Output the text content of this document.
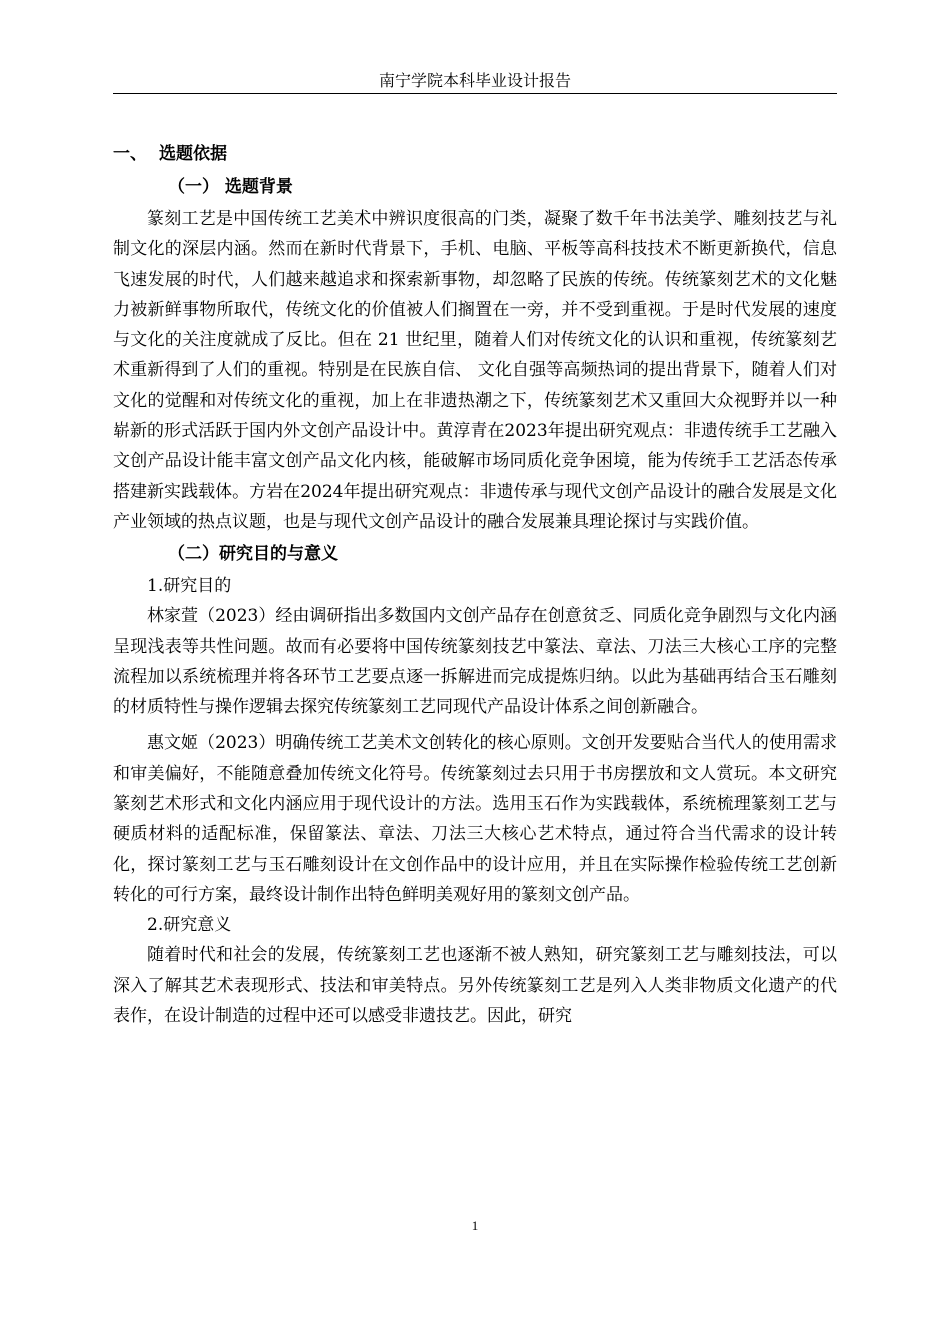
南宁学院本科毕业设计报告
一、 选题依据
（一） 选题背景

篆刻工艺是中国传统工艺美术中辨识度很高的门类，凝聚了数千年书法美学、雕刻技艺与礼制文化的深层内涵。然而在新时代背景下，手机、电脑、平板等高科技技术不断更新换代，信息飞速发展的时代，人们越来越追求和探索新事物，却忽略了民族的传统。传统篆刻艺术的文化魅力被新鲜事物所取代，传统文化的价值被人们搁置在一旁，并不受到重视。于是时代发展的速度与文化的关注度就成了反比。但在 21 世纪里，随着人们对传统文化的认识和重视，传统篆刻艺术重新得到了人们的重视。特别是在民族自信、 文化自强等高频热词的提出背景下，随着人们对文化的觉醒和对传统文化的重视，加上在非遗热潮之下，传统篆刻艺术又重回大众视野并以一种崭新的形式活跃于国内外文创产品设计中。黄淳青在2023年提出研究观点：非遗传统手工艺融入文创产品设计能丰富文创产品文化内核，能破解市场同质化竞争困境，能为传统手工艺活态传承搭建新实践载体。方岩在2024年提出研究观点：非遗传承与现代文创产品设计的融合发展是文化产业领域的热点议题，也是与现代文创产品设计的融合发展兼具理论探讨与实践价值。

（二）研究目的与意义
1.研究目的

林家萱（2023）经由调研指出多数国内文创产品存在创意贫乏、同质化竞争剧烈与文化内涵呈现浅表等共性问题。故而有必要将中国传统篆刻技艺中篆法、章法、刀法三大核心工序的完整流程加以系统梳理并将各环节工艺要点逐一拆解进而完成提炼归纳。以此为基础再结合玉石雕刻的材质特性与操作逻辑去探究传统篆刻工艺同现代产品设计体系之间创新融合。

惠文姬（2023）明确传统工艺美术文创转化的核心原则。文创开发要贴合当代人的使用需求和审美偏好，不能随意叠加传统文化符号。传统篆刻过去只用于书房摆放和文人赏玩。本文研究篆刻艺术形式和文化内涵应用于现代设计的方法。选用玉石作为实践载体，系统梳理篆刻工艺与硬质材料的适配标准，保留篆法、章法、刀法三大核心艺术特点，通过符合当代需求的设计转化，探讨篆刻工艺与玉石雕刻设计在文创作品中的设计应用，并且在实际操作检验传统工艺创新转化的可行方案，最终设计制作出特色鲜明美观好用的篆刻文创产品。

2.研究意义

随着时代和社会的发展，传统篆刻工艺也逐渐不被人熟知，研究篆刻工艺与雕刻技法，可以深入了解其艺术表现形式、技法和审美特点。另外传统篆刻工艺是列入人类非物质文化遗产的代表作，在设计制造的过程中还可以感受非遗技艺。因此，研究

1
